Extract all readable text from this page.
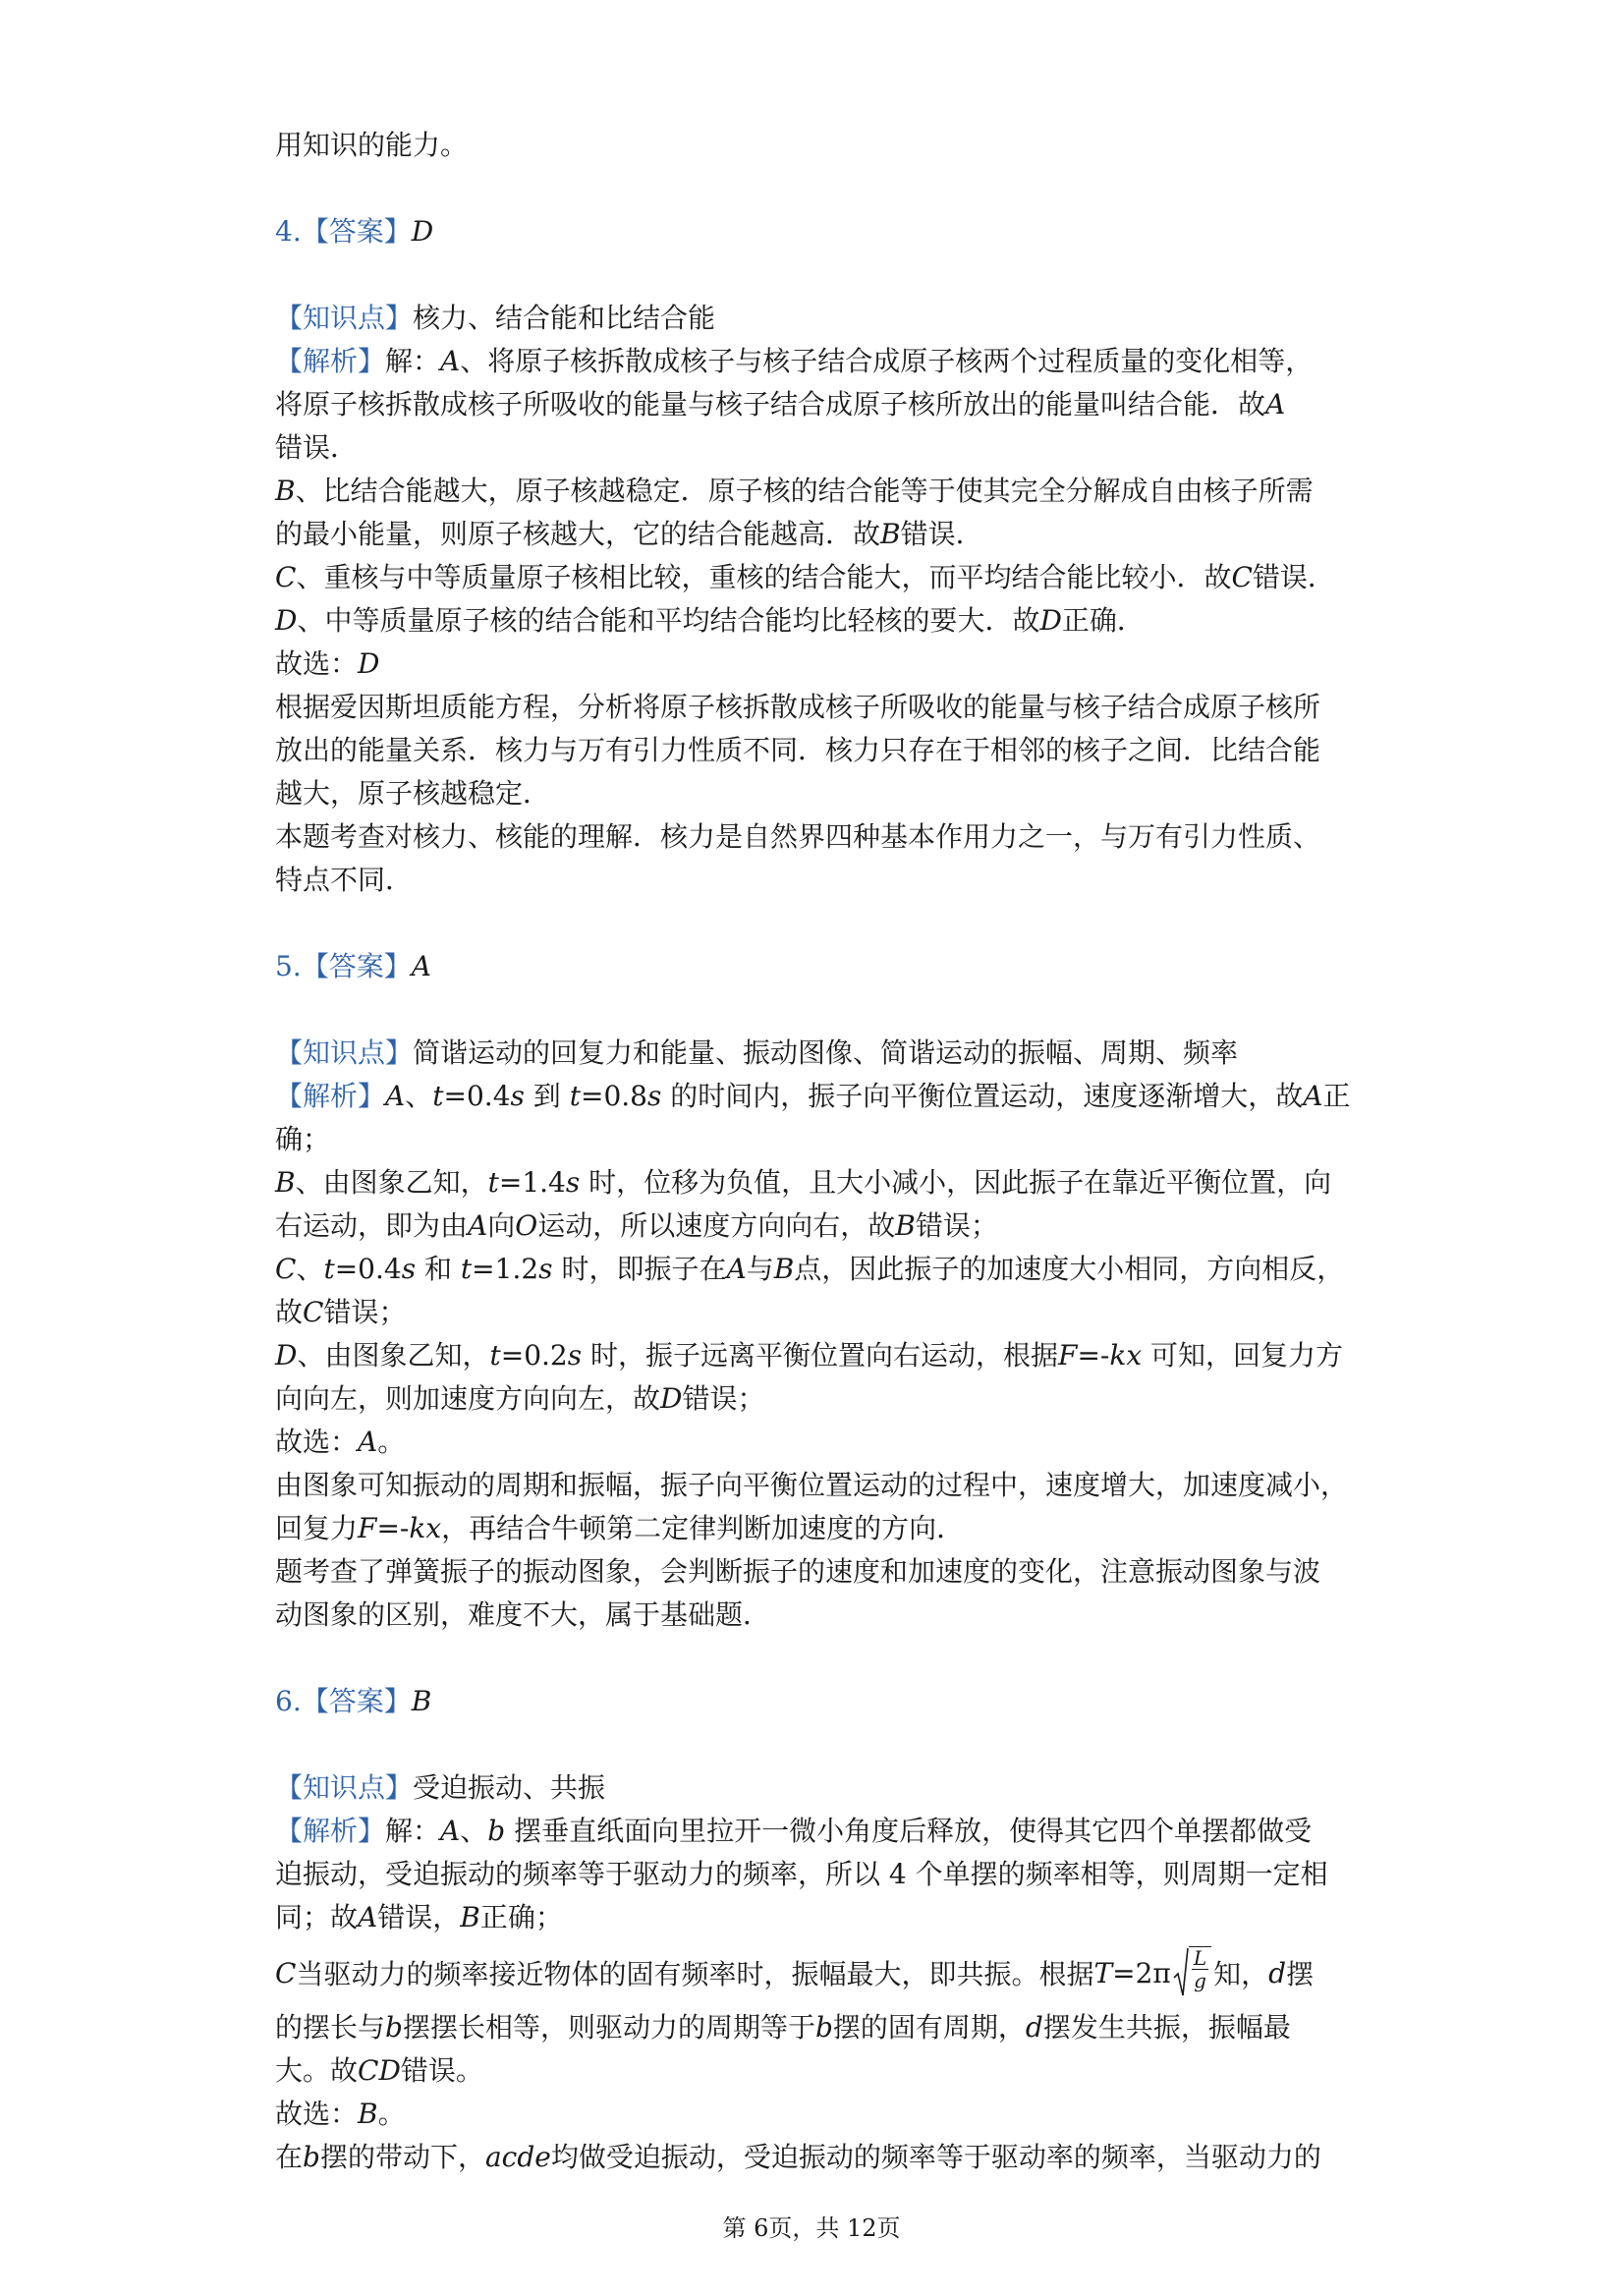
用知识的能力。
4.【答案】D
【知识点】核力、结合能和比结合能
【解析】解：A、将原子核拆散成核子与核子结合成原子核两个过程质量的变化相等，
将原子核拆散成核子所吸收的能量与核子结合成原子核所放出的能量叫结合能．故A
错误．
B、比结合能越大，原子核越稳定．原子核的结合能等于使其完全分解成自由核子所需
的最小能量，则原子核越大，它的结合能越高．故B错误．
C、重核与中等质量原子核相比较，重核的结合能大，而平均结合能比较小．故C错误．
D、中等质量原子核的结合能和平均结合能均比轻核的要大．故D正确．
故选：D
根据爱因斯坦质能方程，分析将原子核拆散成核子所吸收的能量与核子结合成原子核所
放出的能量关系．核力与万有引力性质不同．核力只存在于相邻的核子之间．比结合能
越大，原子核越稳定．
本题考查对核力、核能的理解．核力是自然界四种基本作用力之一，与万有引力性质、
特点不同．
5.【答案】A
【知识点】简谐运动的回复力和能量、振动图像、简谐运动的振幅、周期、频率
【解析】A、t=0.4s 到 t=0.8s 的时间内，振子向平衡位置运动，速度逐渐增大，故A正
确；
B、由图象乙知，t=1.4s 时，位移为负值，且大小减小，因此振子在靠近平衡位置，向
右运动，即为由A向O运动，所以速度方向向右，故B错误；
C、t=0.4s 和 t=1.2s 时，即振子在A与B点，因此振子的加速度大小相同，方向相反，
故C错误；
D、由图象乙知，t=0.2s 时，振子远离平衡位置向右运动，根据F=-kx 可知，回复力方
向向左，则加速度方向向左，故D错误；
故选：A。
由图象可知振动的周期和振幅，振子向平衡位置运动的过程中，速度增大，加速度减小，
回复力F=-kx，再结合牛顿第二定律判断加速度的方向．
题考查了弹簧振子的振动图象，会判断振子的速度和加速度的变化，注意振动图象与波
动图象的区别，难度不大，属于基础题．
6.【答案】B
【知识点】受迫振动、共振
【解析】解：A、b 摆垂直纸面向里拉开一微小角度后释放，使得其它四个单摆都做受
迫振动，受迫振动的频率等于驱动力的频率，所以 4 个单摆的频率相等，则周期一定相
同；故A错误，B正确；
C 当驱动力的频率接近物体的固有频率时，振幅最大，即共振。根据 $T =2\pi \frac{L}{g}$ 知， d 摆
的摆长与b摆摆长相等，则驱动力的周期等于b摆的固有周期，d摆发生共振，振幅最
大。故CD错误。
故选：B。
在b摆的带动下，acde均做受迫振动，受迫振动的频率等于驱动率的频率，当驱动力的
第 6页，共 12页
